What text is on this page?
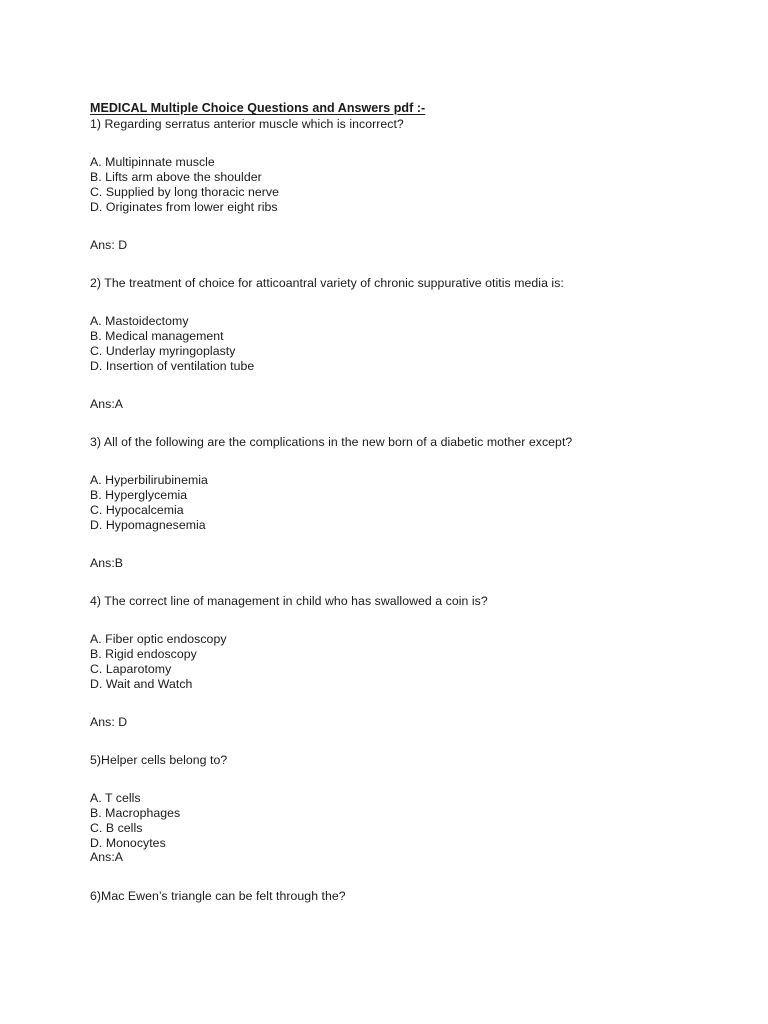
MEDICAL Multiple Choice Questions and Answers pdf :-
1) Regarding serratus anterior muscle which is incorrect?
A. Multipinnate muscle
B. Lifts arm above the shoulder
C. Supplied by long thoracic nerve
D. Originates from lower eight ribs
Ans: D
2) The treatment of choice for atticoantral variety of chronic suppurative otitis media is:
A. Mastoidectomy
B. Medical management
C. Underlay myringoplasty
D. Insertion of ventilation tube
Ans:A
3) All of the following are the complications in the new born of a diabetic mother except?
A. Hyperbilirubinemia
B. Hyperglycemia
C. Hypocalcemia
D. Hypomagnesemia
Ans:B
4) The correct line of management in child who has swallowed a coin is?
A. Fiber optic endoscopy
B. Rigid endoscopy
C. Laparotomy
D. Wait and Watch
Ans: D
5)Helper cells belong to?
A. T cells
B. Macrophages
C. B cells
D. Monocytes
Ans:A
6)Mac Ewen’s triangle can be felt through the?
